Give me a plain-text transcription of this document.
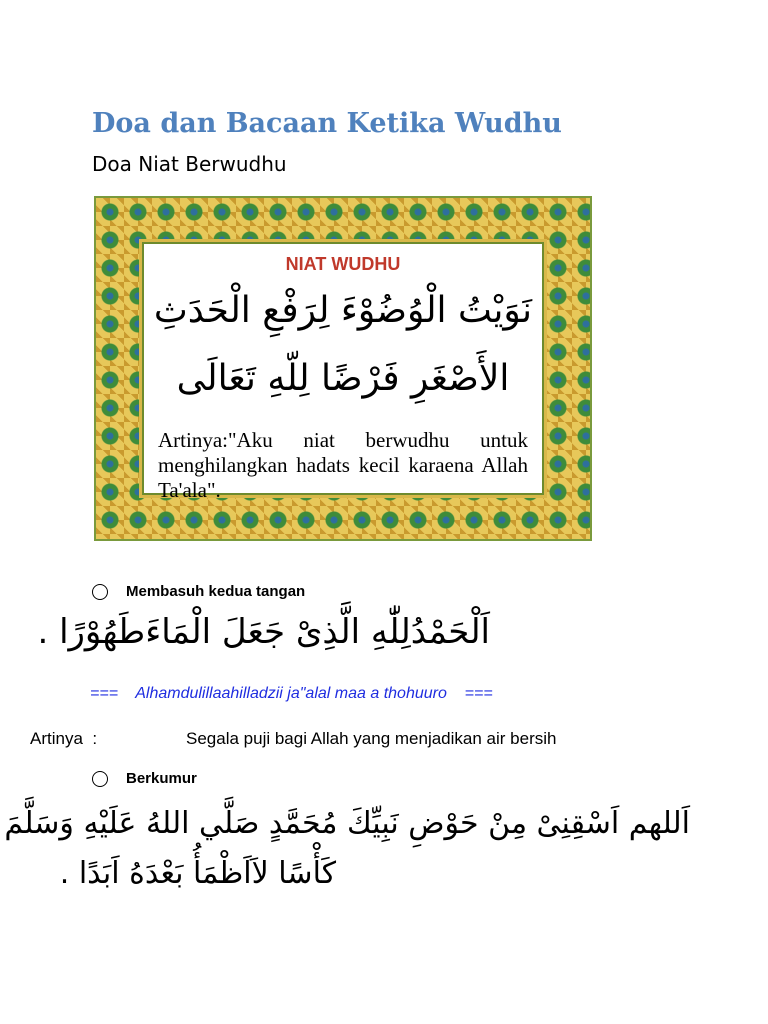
Doa dan Bacaan Ketika Wudhu
Doa Niat Berwudhu
NIAT WUDHU
نَوَيْتُ الْوُضُوْءَ لِرَفْعِ الْحَدَثِ
الأَصْغَرِ فَرْضًا لِلّهِ تَعَالَى
Artinya:"Aku niat berwudhu untuk menghilangkan hadats kecil karaena Allah Ta'ala".
Membasuh kedua tangan
اَلْحَمْدُلِلّٰهِ الَّذِىْ جَعَلَ الْمَاءَطَهُوْرًا .
===    Alhamdulillaahilladzii ja"alal maa a thohuuro    ===
Artinya  :	Segala puji bagi Allah yang menjadikan air bersih
Berkumur
اَللهم اَسْقِنِىْ مِنْ حَوْضِ نَبِيِّكَ مُحَمَّدٍ صَلَّي اللهُ عَلَيْهِ وَسَلَّمَ
كَأْسًا لاَاَظْمَأُ بَعْدَهُ اَبَدًا .
